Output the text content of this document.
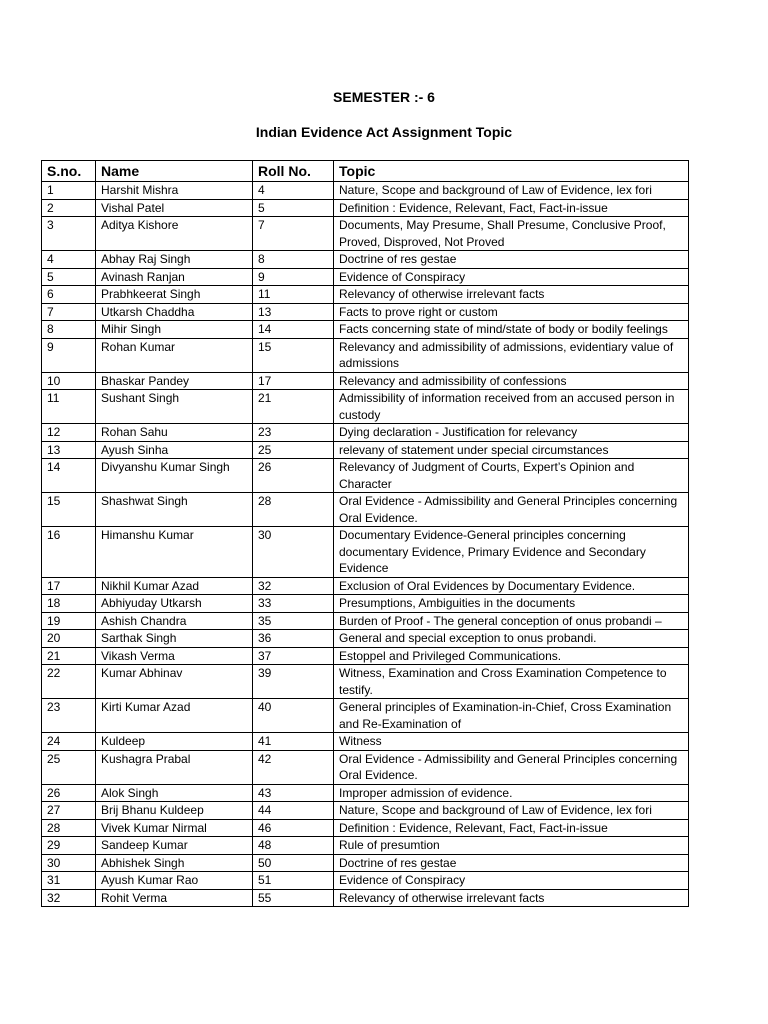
SEMESTER :- 6
Indian Evidence Act Assignment Topic
S.no.	Name	Roll No.	Topic
1	Harshit Mishra	4	Nature, Scope and background of Law of Evidence, lex fori
2	Vishal Patel	5	Definition : Evidence, Relevant, Fact, Fact-in-issue
3	Aditya Kishore	7	Documents, May Presume, Shall Presume, Conclusive Proof, Proved, Disproved, Not Proved
4	Abhay Raj Singh	8	Doctrine of res gestae
5	Avinash Ranjan	9	Evidence of Conspiracy
6	Prabhkeerat Singh	11	Relevancy of otherwise irrelevant facts
7	Utkarsh Chaddha	13	Facts to prove right or custom
8	Mihir Singh	14	Facts concerning state of mind/state of body or bodily feelings
9	Rohan Kumar	15	Relevancy and admissibility of admissions, evidentiary value of admissions
10	Bhaskar Pandey	17	Relevancy and admissibility of confessions
11	Sushant Singh	21	Admissibility of information received from an accused person in custody
12	Rohan Sahu	23	Dying declaration - Justification for relevancy
13	Ayush Sinha	25	relevany of statement under special circumstances
14	Divyanshu Kumar Singh	26	Relevancy of Judgment of Courts, Expert’s Opinion and Character
15	Shashwat Singh	28	Oral Evidence - Admissibility and General Principles concerning Oral Evidence.
16	Himanshu Kumar	30	Documentary Evidence-General principles concerning documentary Evidence, Primary Evidence and Secondary Evidence
17	Nikhil Kumar Azad	32	Exclusion of Oral Evidences by Documentary Evidence.
18	Abhiyuday Utkarsh	33	Presumptions, Ambiguities in the documents
19	Ashish Chandra	35	Burden of Proof - The general conception of onus probandi –
20	Sarthak Singh	36	General and special exception to onus probandi.
21	Vikash Verma	37	Estoppel and Privileged Communications.
22	Kumar Abhinav	39	Witness, Examination and Cross Examination Competence to testify.
23	Kirti Kumar Azad	40	General principles of Examination-in-Chief, Cross Examination and Re-Examination of
24	Kuldeep	41	Witness
25	Kushagra Prabal	42	Oral Evidence - Admissibility and General Principles concerning Oral Evidence.
26	Alok Singh	43	Improper admission of evidence.
27	Brij Bhanu Kuldeep	44	Nature, Scope and background of Law of Evidence, lex fori
28	Vivek Kumar Nirmal	46	Definition : Evidence, Relevant, Fact, Fact-in-issue
29	Sandeep Kumar	48	Rule of presumtion
30	Abhishek Singh	50	Doctrine of res gestae
31	Ayush Kumar Rao	51	Evidence of Conspiracy
32	Rohit Verma	55	Relevancy of otherwise irrelevant facts
